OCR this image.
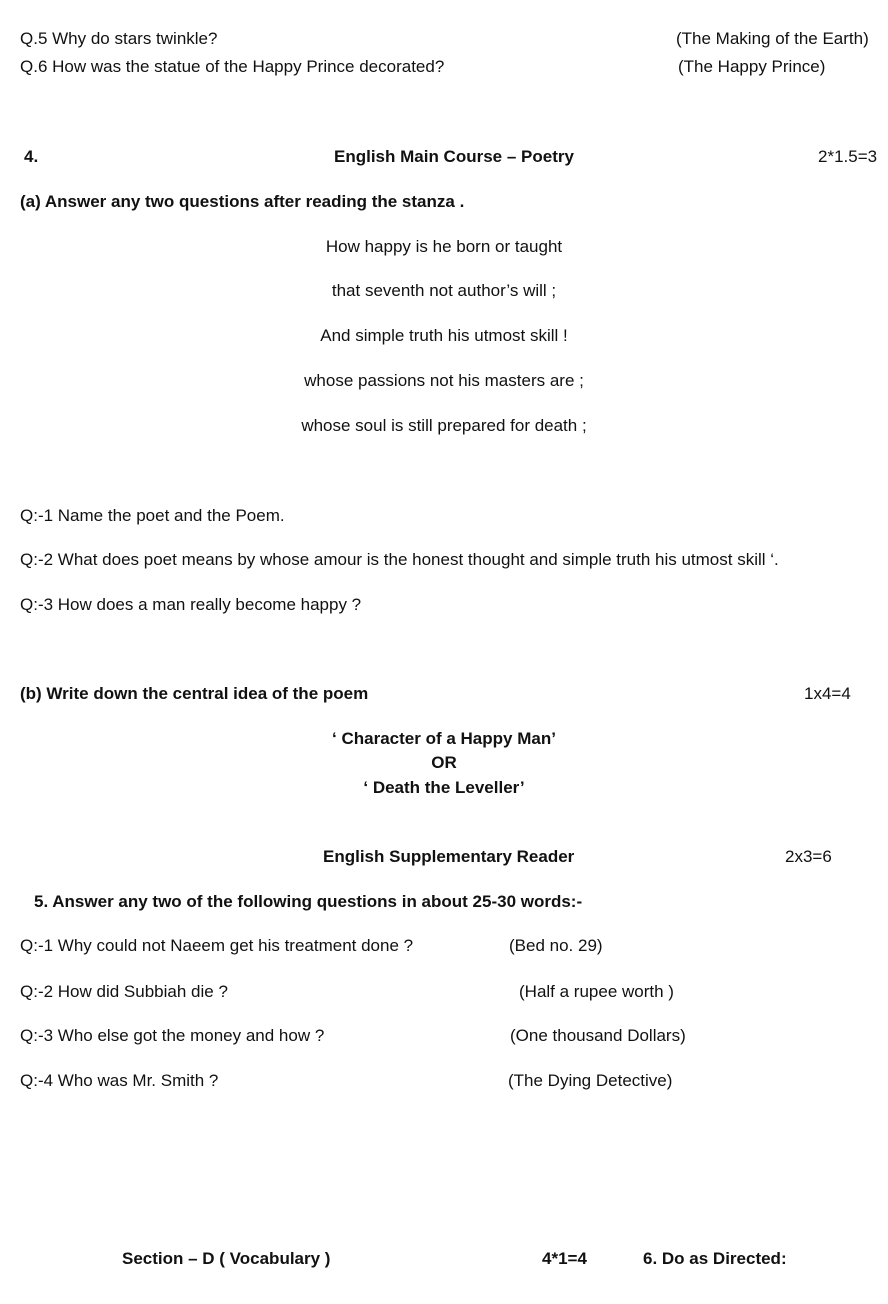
Q.5 Why do stars twinkle?	(The Making of the Earth)
Q.6 How was the statue of the Happy Prince decorated?	(The Happy Prince)
4.	English Main Course – Poetry	2*1.5=3
(a) Answer any two questions after reading the stanza .
How happy is he born or taught
that seventh not author’s will ;
And simple truth his utmost skill !
whose passions not his masters are ;
whose soul is still prepared for death ;
Q:-1 Name the poet and the Poem.
Q:-2 What does poet means by whose amour is the honest thought and simple truth his utmost skill ‘.
Q:-3 How does a man really become happy ?
(b) Write down the central idea of the poem	1x4=4
‘ Character of a Happy Man’
OR
‘ Death the Leveller’
English Supplementary Reader	2x3=6
5. Answer any two of the following questions in about 25-30 words:-
Q:-1 Why could not Naeem get his treatment done ?	(Bed no. 29)
Q:-2 How did Subbiah die ?	(Half a rupee worth )
Q:-3 Who else got the money and how ?	(One thousand Dollars)
Q:-4 Who was Mr. Smith ?	(The Dying Detective)
Section – D ( Vocabulary )	4*1=4	6. Do as Directed:
